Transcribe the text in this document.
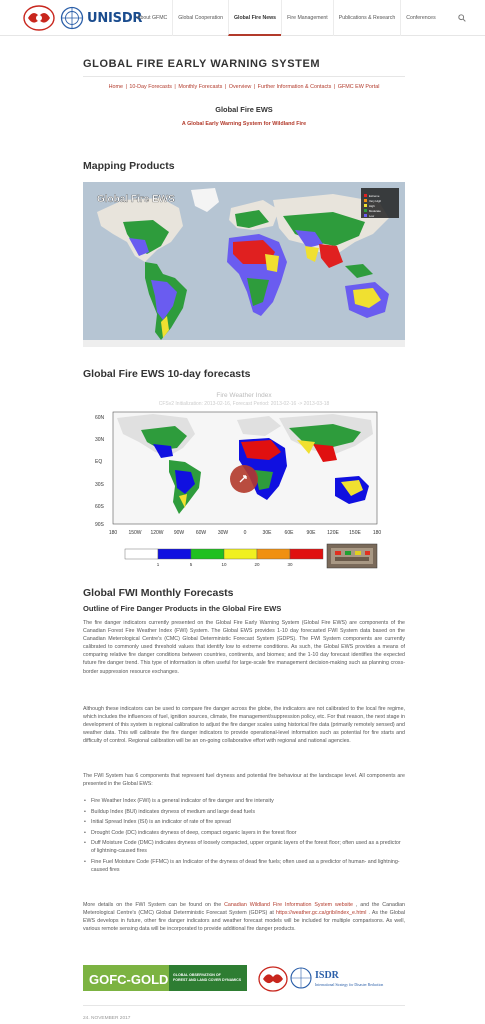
UNISDR
About GFMC	Global Cooperation	Global Fire News	Fire Management	Publications & Research	Conferences
GLOBAL FIRE EARLY WARNING SYSTEM
Home | 10-Day Forecasts | Monthly Forecasts | Overview | Further Information & Contacts | GFMC EW Portal
Global Fire EWS
A Global Early Warning System for Wildland Fire
Mapping Products
Global Fire EWS	Extreme
Very High
High
Moderate
Low
Global Fire EWS 10-day forecasts
Fire Weather Index
CFSv2 Initialization: 2013-02-16, Forecast Period: 2013-02-16 -> 2013-03-18
60N
30N
EQ
30S
60S
90S
180 150W 120W 90W 60W 30W	0	30E	60E	90E 120E 150E 180
1	5	10	20	30
Global FWI Monthly Forecasts
Outline of Fire Danger Products in the Global Fire EWS

The fire danger indicators currently presented on the Global Fire Early Warning System (Global Fire EWS) are components of the Canadian Forest Fire Weather Index (FWI) System. The Global EWS provides 1-10 day forecasted FWI System data based on the Canadian Meterological Centre's (CMC) Global Deterministic Forecast System (GDPS). The FWI System components are currently calibrated to commonly used threshold values that identify low to extreme conditions. As such, the Global EWS provides a means of comparing relative fire danger conditions between countries, continents, and biomes; and the 1-10 day forecast identifies the expected future fire danger trend. This type of information is often useful for large-scale fire management decision-making such as planning cross-border suppression resource exchanges.

Although these indicators can be used to compare fire danger across the globe, the indicators are not calibrated to the local fire regime, which includes the influences of fuel, ignition sources, climate, fire management/suppression policy, etc. For that reason, the next stage in development of this system is regional calibration to adjust the fire danger scales using historical fire data (primarily remotely sensed) and weather data. This will calibrate the fire danger indicators to provide operational-level information such as potential for fire starts and difficulty of control. Regional calibration will be an on-going collaborative effort with regional and national agencies.

The FWI System has 6 components that represent fuel dryness and potential fire behaviour at the landscape level. All components are presented in the Global EWS:

• Fire Weather Index (FWI) is a general indicator of fire danger and fire intensity
• Buildup Index (BUI) indicates dryness of medium and large dead fuels
• Initial Spread Index (ISI) is an indicator of rate of fire spread
• Drought Code (DC) indicates dryness of deep, compact organic layers in the forest floor
• Duff Moisture Code (DMC) indicates dryness of loosely compacted, upper organic layers of the forest floor; often used as a predictor of lightning-caused fires
• Fine Fuel Moisture Code (FFMC) is an Indicator of the dryness of dead fine fuels; often used as a predictor of human- and lightning-caused fires

More details on the FWI System can be found on the Canadian Wildland Fire Information System website , and the Canadian Meterological Centre's (CMC) Global Deterministic Forecast System (GDPS) at https://weather.gc.ca/grib/index_e.html . As the Global EWS develops in future, other fire danger indicators and weather forecast models will be included for multiple comparisons. As well, various remote sensing data will be incorporated to provide additional fire danger products.

GOFC-GOLD GLOBAL OBSERVATION OF FOREST AND LAND COVER DYNAMICS	ISDR
International Strategy for Disaster Reduction
24. NOVEMBER 2017
